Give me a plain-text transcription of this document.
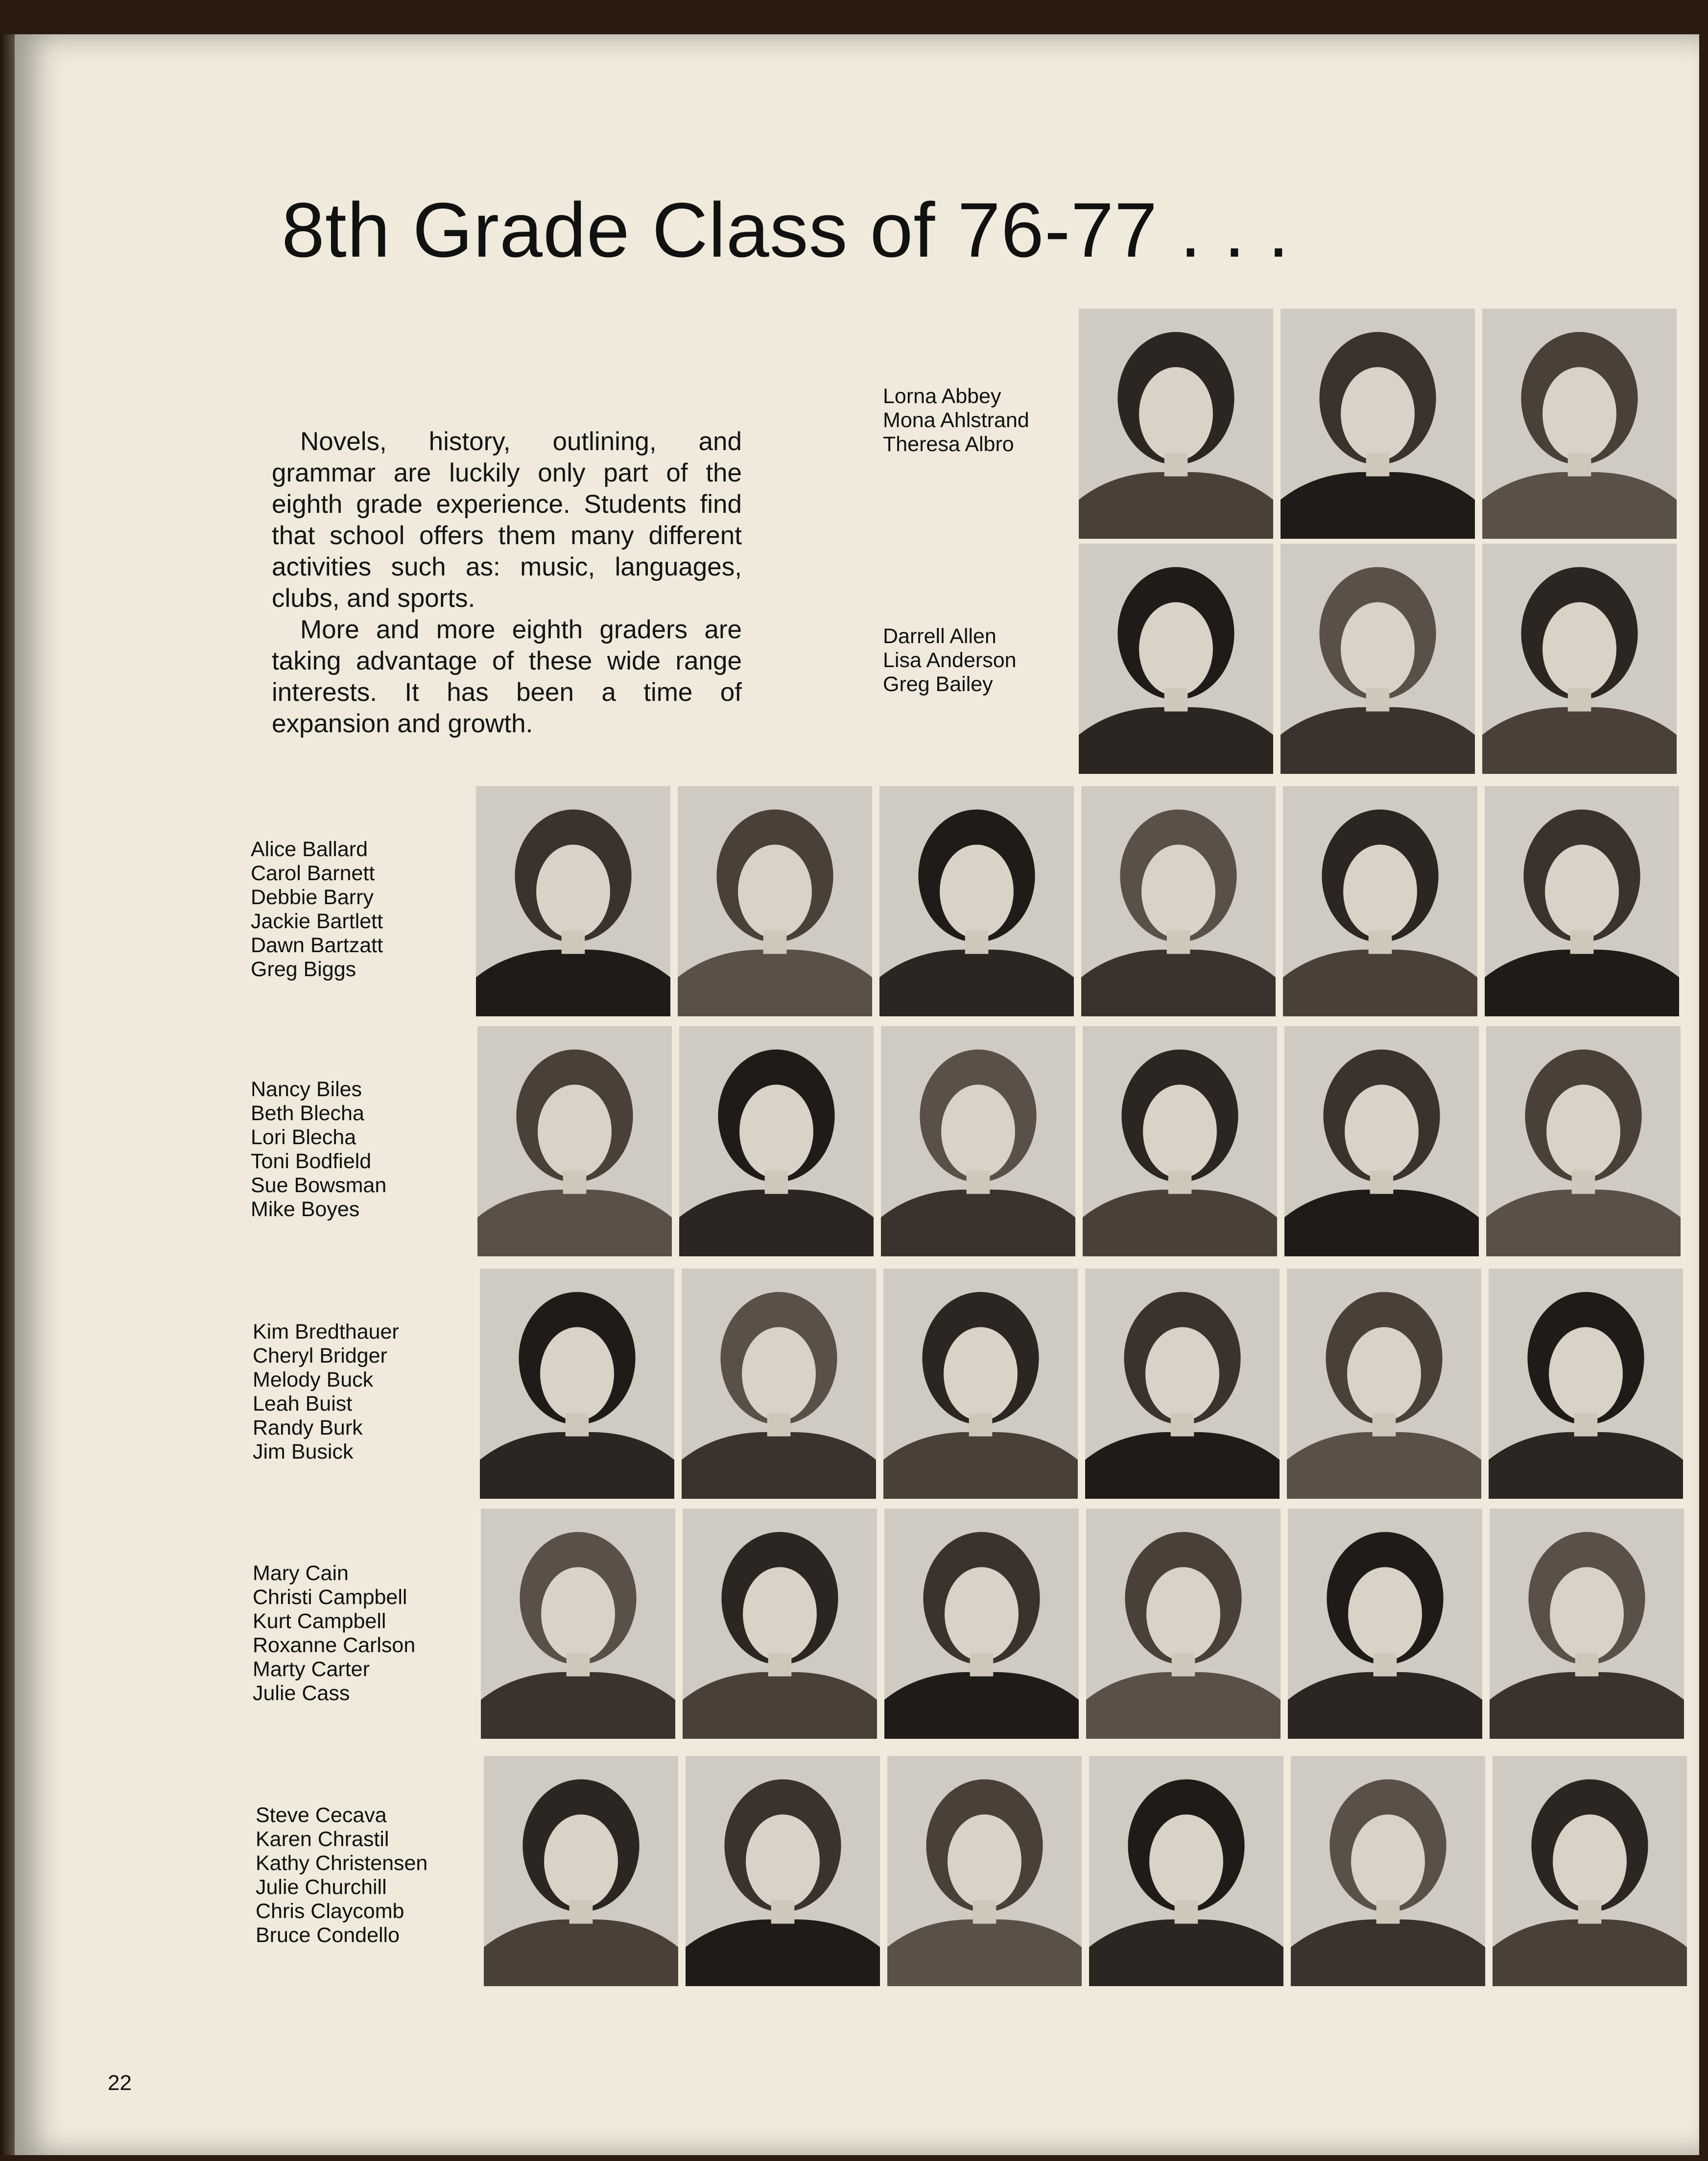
8th Grade Class of 76-77 . . .

Novels, history, outlining, and grammar are luckily only part of the eighth grade experience. Students find that school offers them many different activities such as: music, languages, clubs, and sports.

More and more eighth graders are taking advantage of these wide range interests. It has been a time of expansion and growth.

Lorna Abbey
Mona Ahlstrand
Theresa Albro
Darrell Allen
Lisa Anderson
Greg Bailey
Alice Ballard
Carol Barnett
Debbie Barry
Jackie Bartlett
Dawn Bartzatt
Greg Biggs
Nancy Biles
Beth Blecha
Lori Blecha
Toni Bodfield
Sue Bowsman
Mike Boyes
Kim Bredthauer
Cheryl Bridger
Melody Buck
Leah Buist
Randy Burk
Jim Busick
Mary Cain
Christi Campbell
Kurt Campbell
Roxanne Carlson
Marty Carter
Julie Cass
Steve Cecava
Karen Chrastil
Kathy Christensen
Julie Churchill
Chris Claycomb
Bruce Condello
22
